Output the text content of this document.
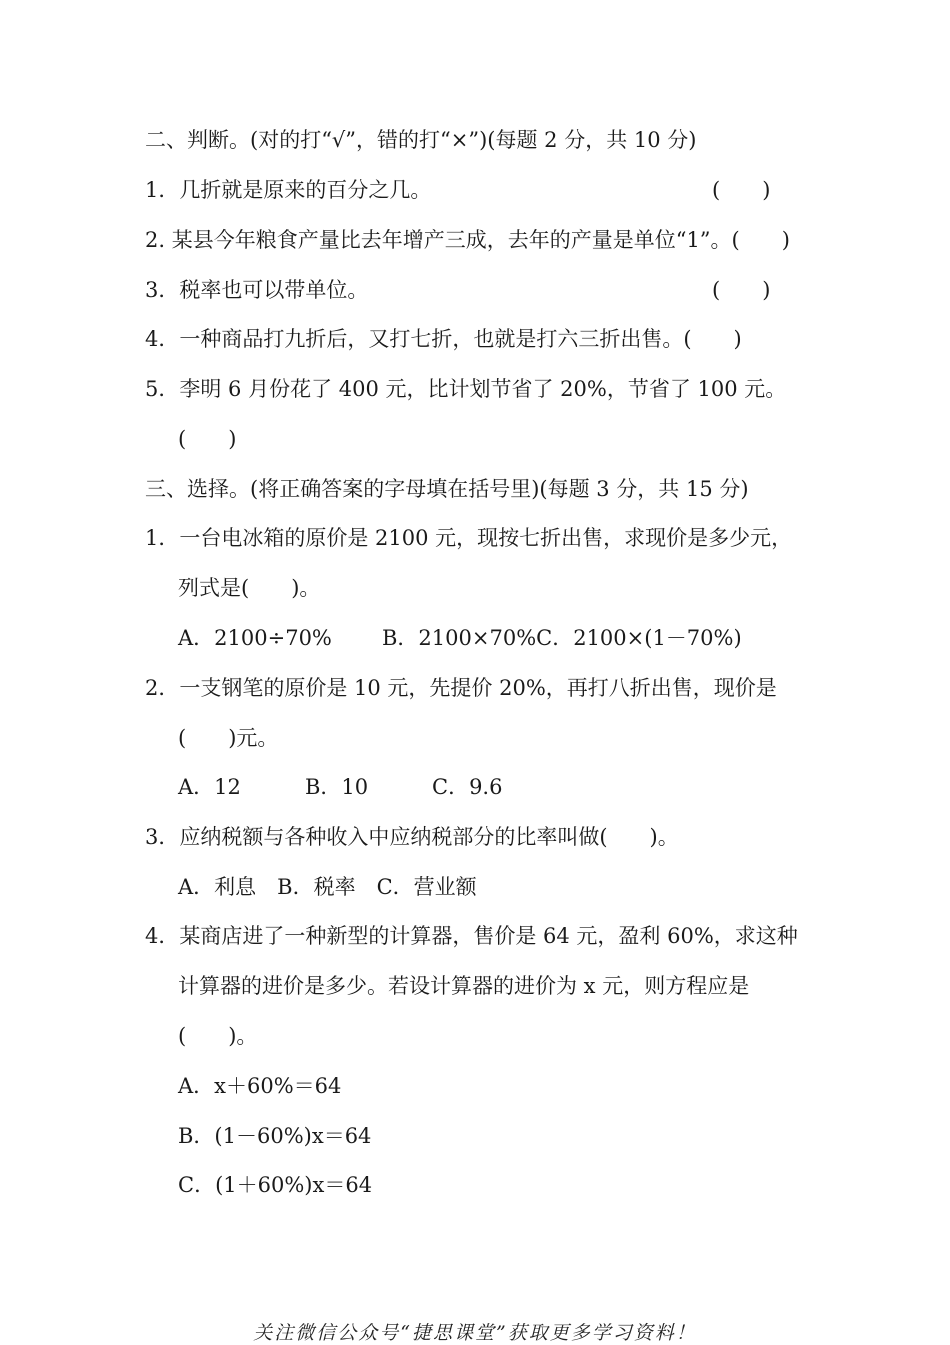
二、判断。(对的打“√”，错的打“×”)(每题 2 分，共 10 分)
1．几折就是原来的百分之几。	(　　)
2. 某县今年粮食产量比去年增产三成，去年的产量是单位“1”。(　　)
3．税率也可以带单位。	(　　)
4．一种商品打九折后，又打七折，也就是打六三折出售。(　　)
5．李明 6 月份花了 400 元，比计划节省了 20%，节省了 100 元。
(　　)
三、选择。(将正确答案的字母填在括号里)(每题 3 分，共 15 分)
1．一台电冰箱的原价是 2100 元，现按七折出售，求现价是多少元，
列式是(　　)。
A．2100÷70% B．2100×70%C．2100×(1－70%)
2．一支钢笔的原价是 10 元，先提价 20%，再打八折出售，现价是
(　　)元。
A．12	B．10	C．9.6
3．应纳税额与各种收入中应纳税部分的比率叫做(　　)。
A．利息　B．税率　C．营业额
4．某商店进了一种新型的计算器，售价是 64 元，盈利 60%，求这种
计算器的进价是多少。若设计算器的进价为 x 元，则方程应是
(　　)。
A．x＋60%＝64
B．(1－60%)x＝64
C．(1＋60%)x＝64
关注微信公众号“捷思课堂”获取更多学习资料！
